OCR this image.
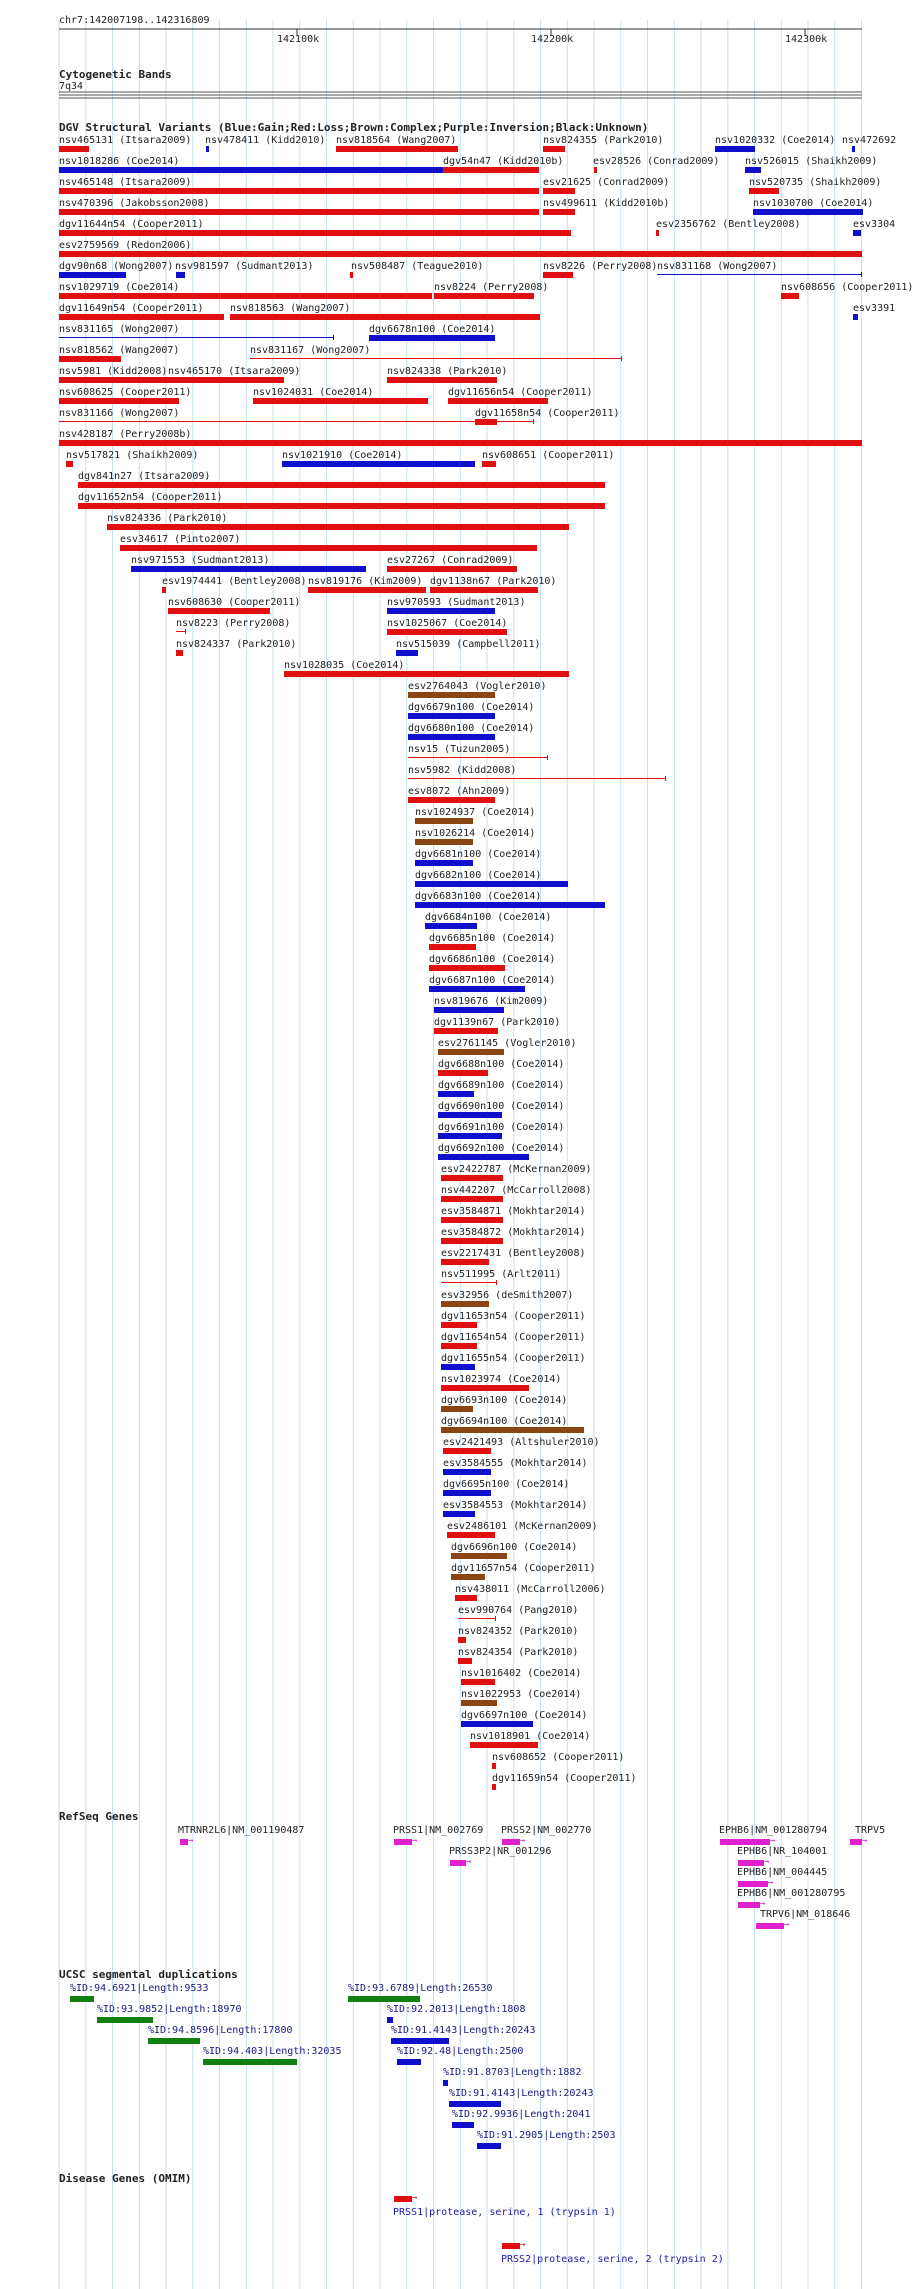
chr7:142007198..142316809
142100k	142200k	142300k
Cytogenetic Bands
7q34
DGV Structural Variants (Blue:Gain;Red:Loss;Brown:Complex;Purple:Inversion;Black:Unknown)
nsv465131 (Itsara2009) nsv478411 (Kidd2010) nsv818564 (Wang2007)	nsv824355 (Park2010)	nsv1020332 (Coe2014) nsv472692
nsv1018286 (Coe2014)	dgv54n47 (Kidd2010b)	esv28526 (Conrad2009)	nsv526015 (Shaikh2009)
nsv465148 (Itsara2009)	esv21625 (Conrad2009)	nsv520735 (Shaikh2009)
nsv470396 (Jakobsson2008)	nsv499611 (Kidd2010b)	nsv1030700 (Coe2014)
dgv11644n54 (Cooper2011)	esv2356762 (Bentley2008)	esv3304
esv2759569 (Redon2006)
dgv90n68 (Wong2007) nsv981597 (Sudmant2013)	nsv508487 (Teague2010)	nsv8226 (Perry2008) nsv831168 (Wong2007)
nsv1029719 (Coe2014)	nsv8224 (Perry2008)	nsv608656 (Cooper2011)
dgv11649n54 (Cooper2011)	nsv818563 (Wang2007)	esv3391
nsv831165 (Wong2007)	dgv6678n100 (Coe2014)
nsv818562 (Wang2007)	nsv831167 (Wong2007)
nsv5981 (Kidd2008) nsv465170 (Itsara2009)	nsv824338 (Park2010)
nsv608625 (Cooper2011)	nsv1024031 (Coe2014)	dgv11656n54 (Cooper2011)
nsv831166 (Wong2007)	dgv11658n54 (Cooper2011)
nsv428187 (Perry2008b)
nsv517821 (Shaikh2009)	nsv1021910 (Coe2014)	nsv608651 (Cooper2011)
dgv841n27 (Itsara2009)
dgv11652n54 (Cooper2011)
nsv824336 (Park2010)
esv34617 (Pinto2007)
nsv971553 (Sudmant2013)	esv27267 (Conrad2009)
esv1974441 (Bentley2008) nsv819176 (Kim2009) dgv1138n67 (Park2010)
nsv608630 (Cooper2011)	nsv970593 (Sudmant2013)
nsv8223 (Perry2008)	nsv1025067 (Coe2014)
nsv824337 (Park2010)	nsv515039 (Campbell2011)
nsv1028035 (Coe2014)
esv2764043 (Vogler2010)
dgv6679n100 (Coe2014)
dgv6680n100 (Coe2014)
nsv15 (Tuzun2005)
nsv5982 (Kidd2008)
esv8072 (Ahn2009)
nsv1024937 (Coe2014)
nsv1026214 (Coe2014)
dgv6681n100 (Coe2014)
dgv6682n100 (Coe2014)
dgv6683n100 (Coe2014)
dgv6684n100 (Coe2014)
dgv6685n100 (Coe2014)
dgv6686n100 (Coe2014)
dgv6687n100 (Coe2014)
nsv819676 (Kim2009)
dgv1139n67 (Park2010)
esv2761145 (Vogler2010)
dgv6688n100 (Coe2014)
dgv6689n100 (Coe2014)
dgv6690n100 (Coe2014)
dgv6691n100 (Coe2014)
dgv6692n100 (Coe2014)
esv2422787 (McKernan2009)
nsv442207 (McCarroll2008)
esv3584871 (Mokhtar2014)
esv3584872 (Mokhtar2014)
esv2217431 (Bentley2008)
nsv511995 (Arlt2011)
esv32956 (deSmith2007)
dgv11653n54 (Cooper2011)
dgv11654n54 (Cooper2011)
dgv11655n54 (Cooper2011)
nsv1023974 (Coe2014)
dgv6693n100 (Coe2014)
dgv6694n100 (Coe2014)
esv2421493 (Altshuler2010)
esv3584555 (Mokhtar2014)
dgv6695n100 (Coe2014)
esv3584553 (Mokhtar2014)
esv2486101 (McKernan2009)
dgv6696n100 (Coe2014)
dgv11657n54 (Cooper2011)
nsv438011 (McCarroll2006)
esv990764 (Pang2010)
nsv824352 (Park2010)
nsv824354 (Park2010)
nsv1016402 (Coe2014)
nsv1022953 (Coe2014)
dgv6697n100 (Coe2014)
nsv1018901 (Coe2014)
nsv608652 (Cooper2011)
dgv11659n54 (Cooper2011)
RefSeq Genes
MTRNR2L6|NM_001190487
→
PRSS1|NM_002769
→
PRSS2|NM_002770
→
EPHB6|NM_001280794
→
TRPV5
→
PRSS3P2|NR_001296
→
EPHB6|NR_104001
→
EPHB6|NM_004445
→
EPHB6|NM_001280795
→
TRPV6|NM_018646
→
UCSC segmental duplications
%ID:94.6921|Length:9533	%ID:93.6789|Length:26530
%ID:93.9852|Length:18970	%ID:92.2013|Length:1808
%ID:94.8596|Length:17800	%ID:91.4143|Length:20243
%ID:94.403|Length:32035	%ID:92.48|Length:2500
%ID:91.8703|Length:1882
%ID:91.4143|Length:20243
%ID:92.9936|Length:2041
%ID:91.2905|Length:2503
Disease Genes (OMIM)
PRSS1|protease, serine, 1 (trypsin 1)
→
PRSS2|protease, serine, 2 (trypsin 2)
→
